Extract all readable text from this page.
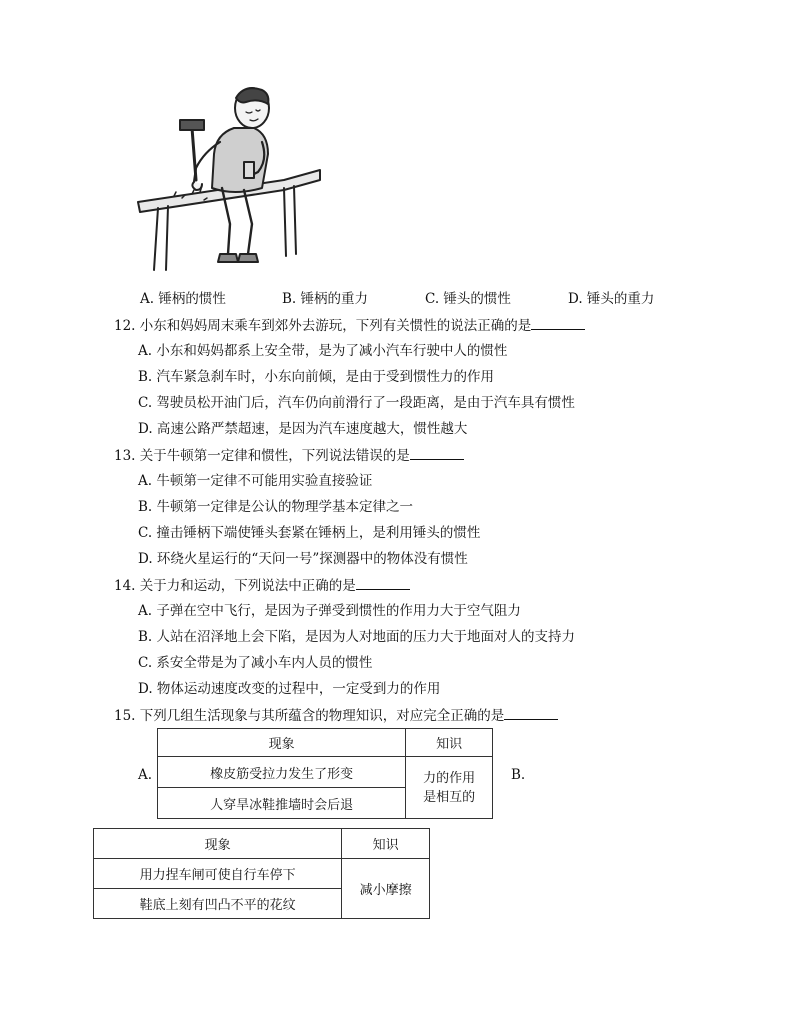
A. 锤柄的惯性	B. 锤柄的重力	C. 锤头的惯性	D. 锤头的重力
12. 小东和妈妈周末乘车到郊外去游玩，下列有关惯性的说法正确的是
A. 小东和妈妈都系上安全带，是为了减小汽车行驶中人的惯性
B. 汽车紧急刹车时，小东向前倾，是由于受到惯性力的作用
C. 驾驶员松开油门后，汽车仍向前滑行了一段距离，是由于汽车具有惯性
D. 高速公路严禁超速，是因为汽车速度越大，惯性越大
13. 关于牛顿第一定律和惯性，下列说法错误的是
A. 牛顿第一定律不可能用实验直接验证
B. 牛顿第一定律是公认的物理学基本定律之一
C. 撞击锤柄下端使锤头套紧在锤柄上，是利用锤头的惯性
D. 环绕火星运行的“天问一号”探测器中的物体没有惯性
14. 关于力和运动，下列说法中正确的是
A. 子弹在空中飞行，是因为子弹受到惯性的作用力大于空气阻力
B. 人站在沼泽地上会下陷，是因为人对地面的压力大于地面对人的支持力
C. 系安全带是为了减小车内人员的惯性
D. 物体运动速度改变的过程中，一定受到力的作用
15. 下列几组生活现象与其所蕴含的物理知识，对应完全正确的是
A.
现象	知识
橡皮筋受拉力发生了形变	力的作用是相互的
人穿旱冰鞋推墙时会后退	
B.
现象	知识
用力捏车闸可使自行车停下	减小摩擦
鞋底上刻有凹凸不平的花纹	
